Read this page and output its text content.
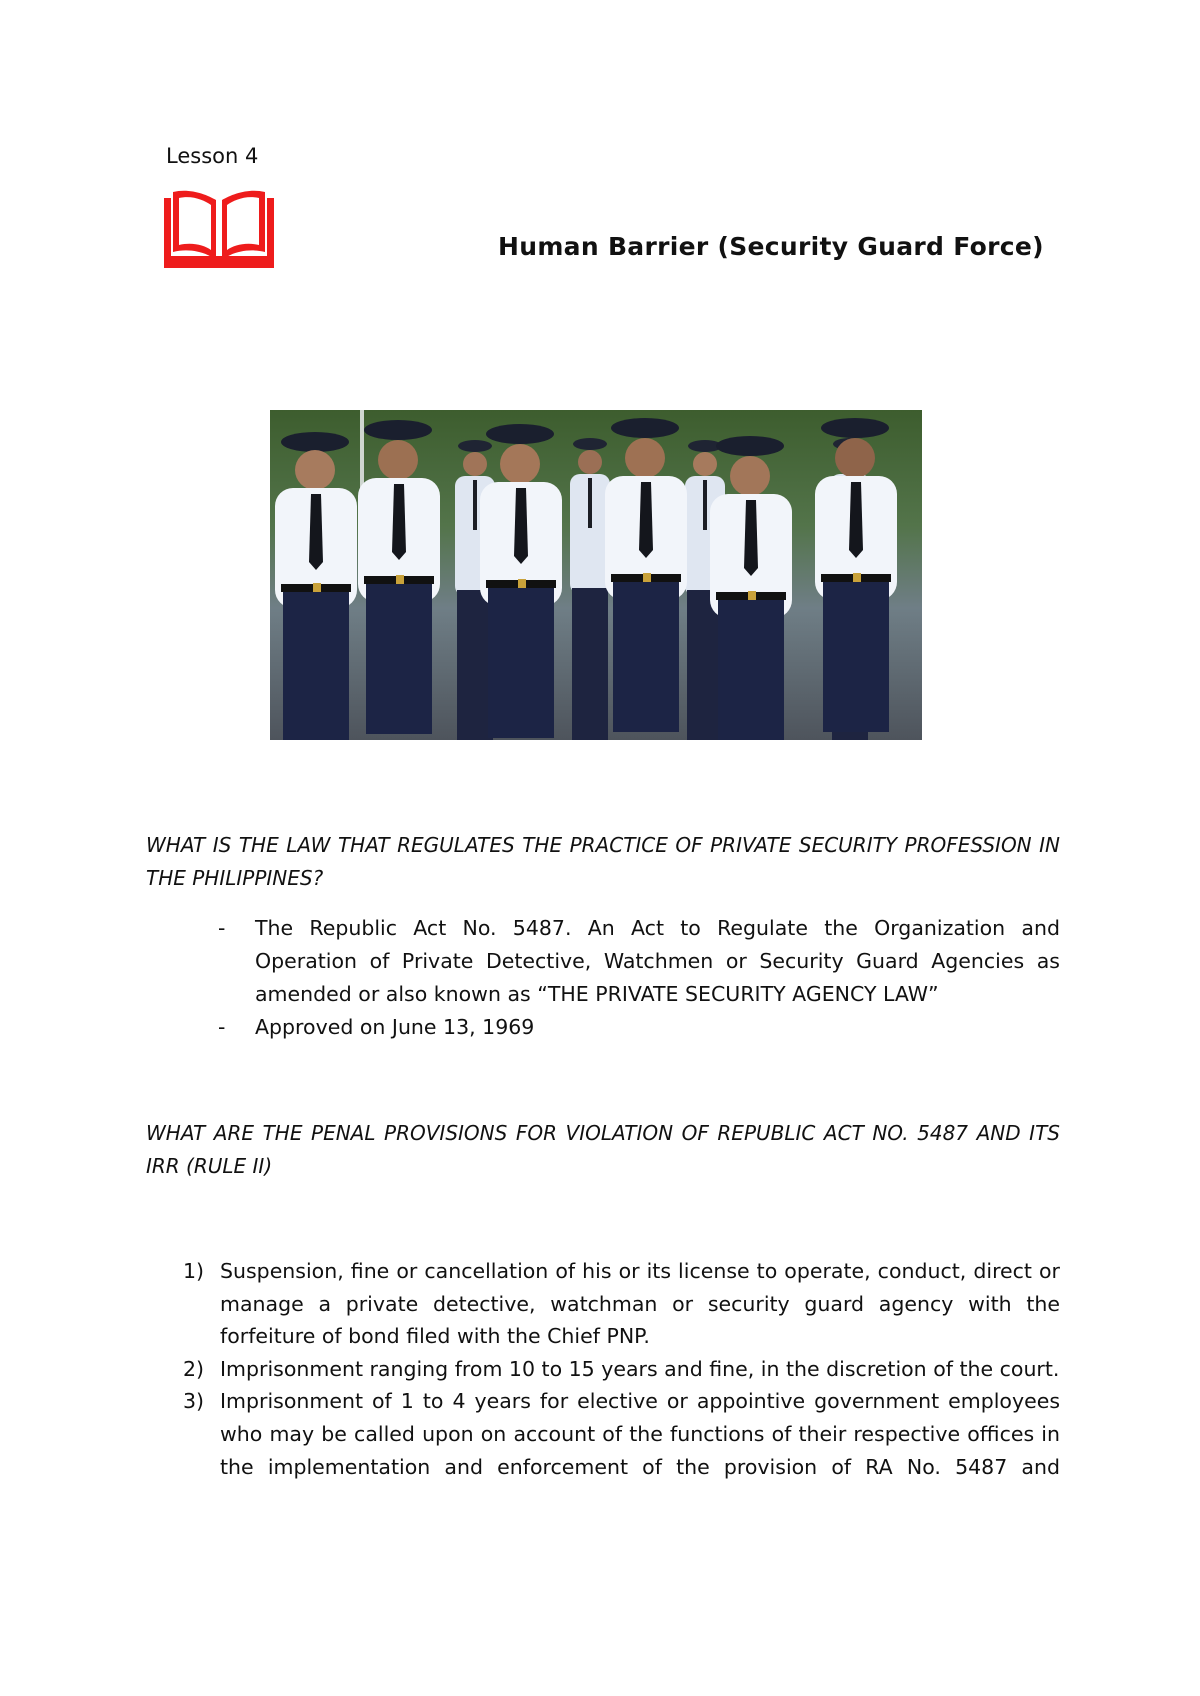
Lesson 4
Human Barrier (Security Guard Force)
WHAT IS THE LAW THAT REGULATES THE PRACTICE OF PRIVATE SECURITY PROFESSION IN THE PHILIPPINES?
- The Republic Act No. 5487. An Act to Regulate the Organization and Operation of Private Detective, Watchmen or Security Guard Agencies as amended or also known as “THE PRIVATE SECURITY AGENCY LAW”
- Approved on June 13, 1969
WHAT ARE THE PENAL PROVISIONS FOR VIOLATION OF REPUBLIC ACT NO. 5487 AND ITS IRR (RULE II)
1) Suspension, fine or cancellation of his or its license to operate, conduct, direct or manage a private detective, watchman or security guard agency with the forfeiture of bond filed with the Chief PNP.
2) Imprisonment ranging from 10 to 15 years and fine, in the discretion of the court.
3) Imprisonment of 1 to 4 years for elective or appointive government employees who may be called upon on account of the functions of their respective offices in the implementation and enforcement of the provision of RA No. 5487 and
